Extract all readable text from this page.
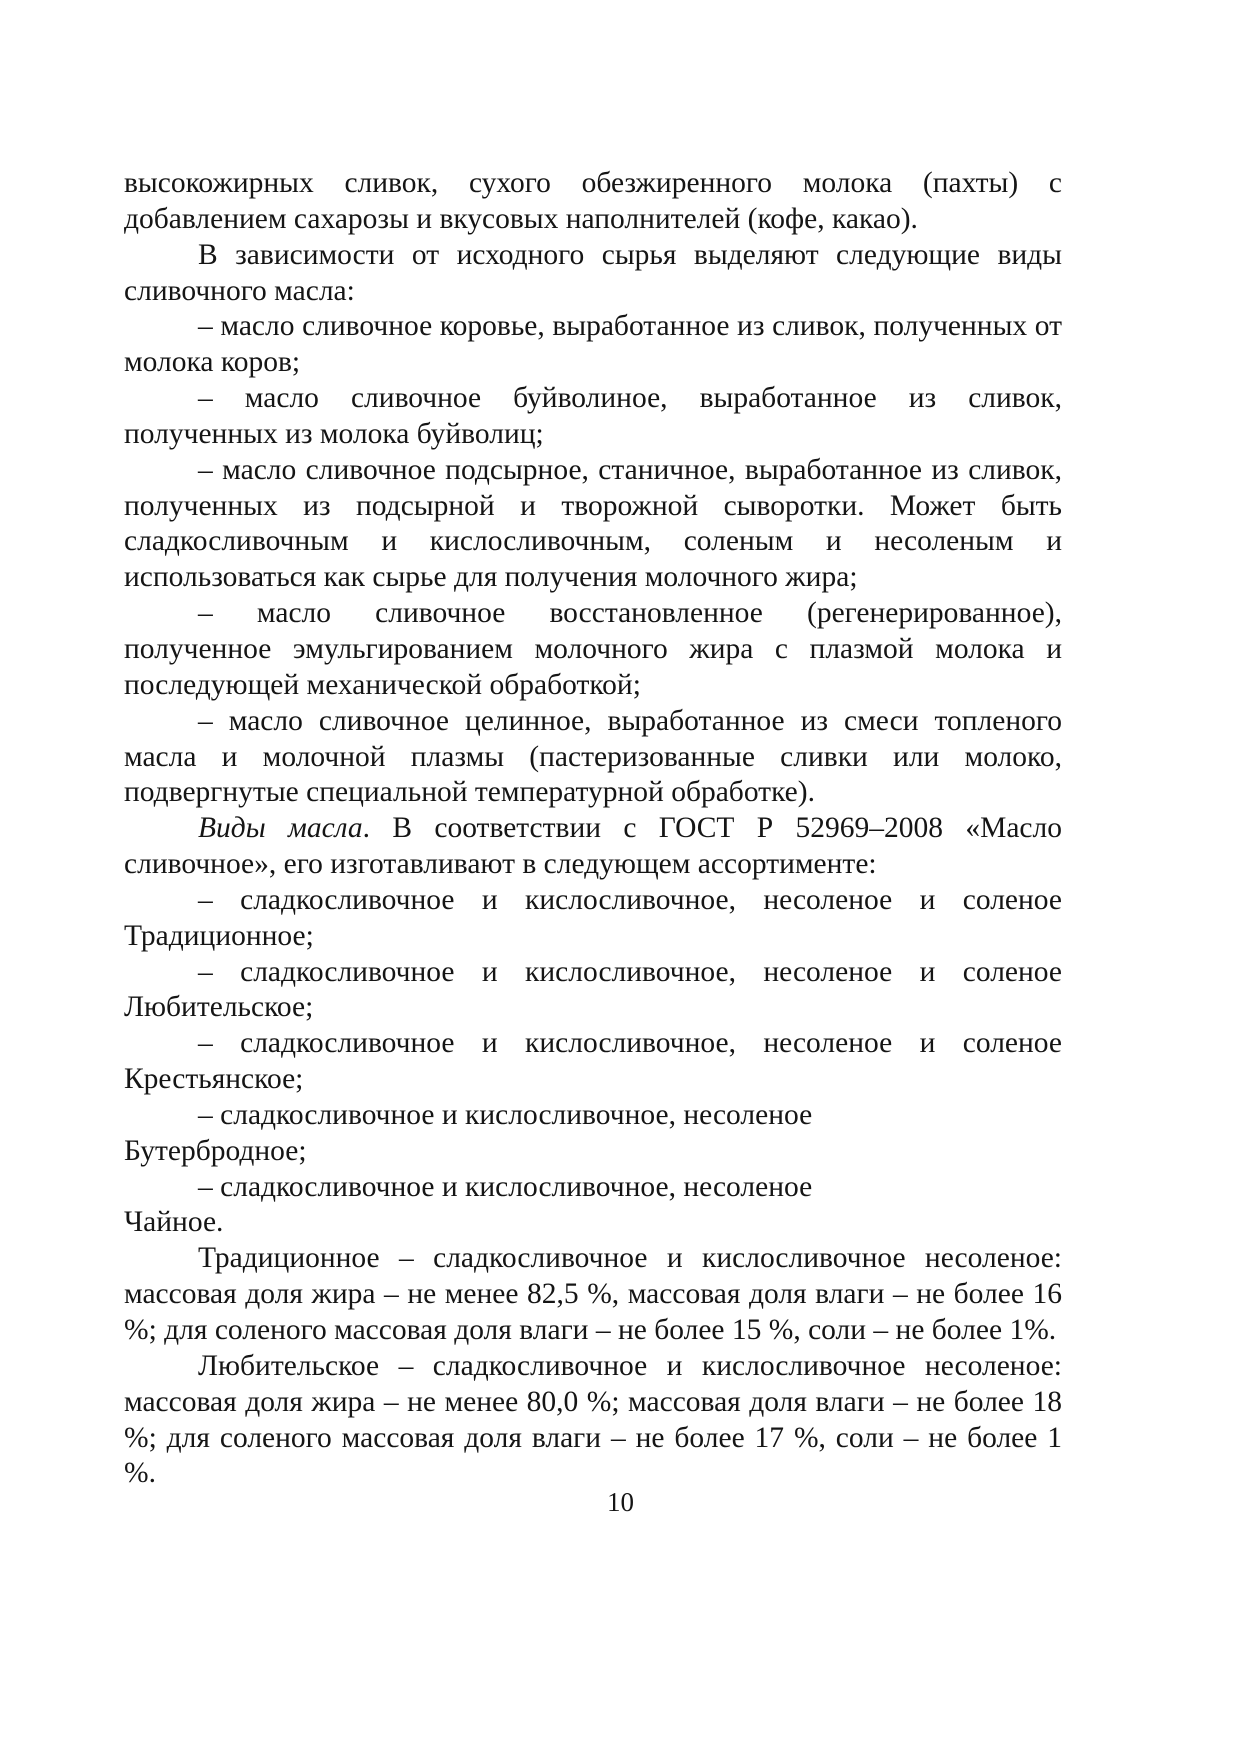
высокожирных сливок, сухого обезжиренного молока (пахты) с добавлением сахарозы и вкусовых наполнителей (кофе, какао).

В зависимости от исходного сырья выделяют следующие виды сливочного масла:

– масло сливочное коровье, выработанное из сливок, полученных от молока коров;

– масло сливочное буйволиное, выработанное из сливок, полученных из молока буйволиц;

– масло сливочное подсырное, станичное, выработанное из сливок, полученных из подсырной и творожной сыворотки. Может быть сладкосливочным и кислосливочным, соленым и несоленым и использоваться как сырье для получения молочного жира;

– масло сливочное восстановленное (регенерированное), полученное эмульгированием молочного жира с плазмой молока и последующей механической обработкой;

– масло сливочное целинное, выработанное из смеси топленого масла и молочной плазмы (пастеризованные сливки или молоко, подвергнутые специальной температурной обработке).

Виды масла. В соответствии с ГОСТ Р 52969–2008 «Масло сливочное», его изготавливают в следующем ассортименте:

– сладкосливочное и кислосливочное, несоленое и соленое Традиционное;

– сладкосливочное и кислосливочное, несоленое и соленое Любительское;

– сладкосливочное и кислосливочное, несоленое и соленое Крестьянское;

– сладкосливочное и кислосливочное, несоленое
Бутербродное;

– сладкосливочное и кислосливочное, несоленое
Чайное.

Традиционное – сладкосливочное и кислосливочное несоленое: массовая доля жира – не менее 82,5 %, массовая доля влаги – не более 16 %; для соленого массовая доля влаги – не более 15 %, соли – не более 1%.

Любительское – сладкосливочное и кислосливочное несоленое: массовая доля жира – не менее 80,0 %; массовая доля влаги – не более 18 %; для соленого массовая доля влаги – не более 17 %, соли – не более 1 %.

10
